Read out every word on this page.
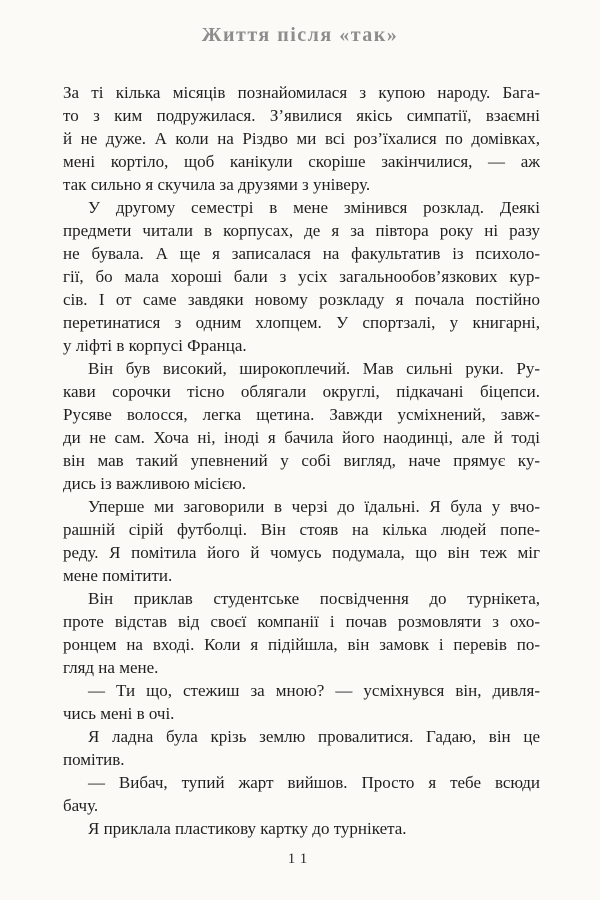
Життя після «так»
За ті кілька місяців познайомилася з купою народу. Бага-
то з ким подружилася. З’явилися якісь симпатії, взаємні
й не дуже. А коли на Різдво ми всі роз’їхалися по домівках,
мені кортіло, щоб канікули скоріше закінчилися, — аж
так сильно я скучила за друзями з універу.
У другому семестрі в мене змінився розклад. Деякі
предмети читали в корпусах, де я за півтора року ні разу
не бувала. А ще я записалася на факультатив із психоло-
гії, бо мала хороші бали з усіх загальнообов’язкових кур-
сів. І от саме завдяки новому розкладу я почала постійно
перетинатися з одним хлопцем. У спортзалі, у книгарні,
у ліфті в корпусі Франца.
Він був високий, широкоплечий. Мав сильні руки. Ру-
кави сорочки тісно облягали округлі, підкачані біцепси.
Русяве волосся, легка щетина. Завжди усміхнений, завж-
ди не сам. Хоча ні, іноді я бачила його наодинці, але й тоді
він мав такий упевнений у собі вигляд, наче прямує ку-
дись із важливою місією.
Уперше ми заговорили в черзі до їдальні. Я була у вчо-
рашній сірій футболці. Він стояв на кілька людей попе-
реду. Я помітила його й чомусь подумала, що він теж міг
мене помітити.
Він приклав студентське посвідчення до турнікета,
проте відстав від своєї компанії і почав розмовляти з охо-
ронцем на вході. Коли я підійшла, він замовк і перевів по-
гляд на мене.
— Ти що, стежиш за мною? — усміхнувся він, дивля-
чись мені в очі.
Я ладна була крізь землю провалитися. Гадаю, він це
помітив.
— Вибач, тупий жарт вийшов. Просто я тебе всюди
бачу.
Я приклала пластикову картку до турнікета.
11
